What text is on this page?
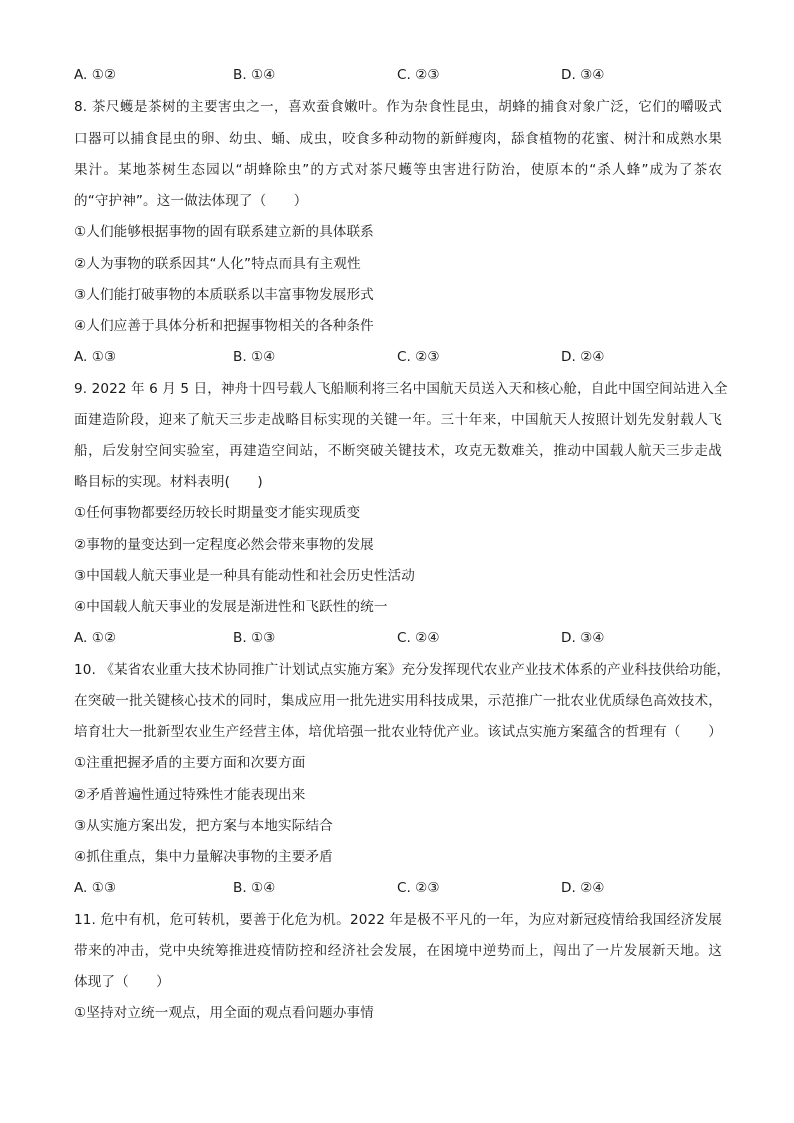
A. ①②	B. ①④	C. ②③	D. ③④
8. 茶尺蠖是茶树的主要害虫之一，喜欢蚕食嫩叶。作为杂食性昆虫，胡蜂的捕食对象广泛，它们的嚼吸式
口器可以捕食昆虫的卵、幼虫、蛹、成虫，咬食多种动物的新鲜瘦肉，舔食植物的花蜜、树汁和成熟水果
果汁。某地茶树生态园以“胡蜂除虫”的方式对茶尺蠖等虫害进行防治，使原本的“杀人蜂”成为了茶农
的“守护神”。这一做法体现了（　　）
①人们能够根据事物的固有联系建立新的具体联系
②人为事物的联系因其“人化”特点而具有主观性
③人们能打破事物的本质联系以丰富事物发展形式
④人们应善于具体分析和把握事物相关的各种条件
A. ①③	B. ①④	C. ②③	D. ②④
9. 2022 年 6 月 5 日，神舟十四号载人飞船顺利将三名中国航天员送入天和核心舱，自此中国空间站进入全
面建造阶段，迎来了航天三步走战略目标实现的关键一年。三十年来，中国航天人按照计划先发射载人飞
船，后发射空间实验室，再建造空间站，不断突破关键技术，攻克无数难关，推动中国载人航天三步走战
略目标的实现。材料表明(　　)
①任何事物都要经历较长时期量变才能实现质变
②事物的量变达到一定程度必然会带来事物的发展
③中国载人航天事业是一种具有能动性和社会历史性活动
④中国载人航天事业的发展是渐进性和飞跃性的统一
A. ①②	B. ①③	C. ②④	D. ③④
10. 《某省农业重大技术协同推广计划试点实施方案》充分发挥现代农业产业技术体系的产业科技供给功能，
在突破一批关键核心技术的同时，集成应用一批先进实用科技成果，示范推广一批农业优质绿色高效技术，
培育壮大一批新型农业生产经营主体，培优培强一批农业特优产业。该试点实施方案蕴含的哲理有（　　）
①注重把握矛盾的主要方面和次要方面
②矛盾普遍性通过特殊性才能表现出来
③从实施方案出发，把方案与本地实际结合
④抓住重点，集中力量解决事物的主要矛盾
A. ①③	B. ①④	C. ②③	D. ②④
11. 危中有机，危可转机，要善于化危为机。2022 年是极不平凡的一年，为应对新冠疫情给我国经济发展
带来的冲击，党中央统筹推进疫情防控和经济社会发展，在困境中逆势而上，闯出了一片发展新天地。这
体现了（　　）
①坚持对立统一观点，用全面的观点看问题办事情
